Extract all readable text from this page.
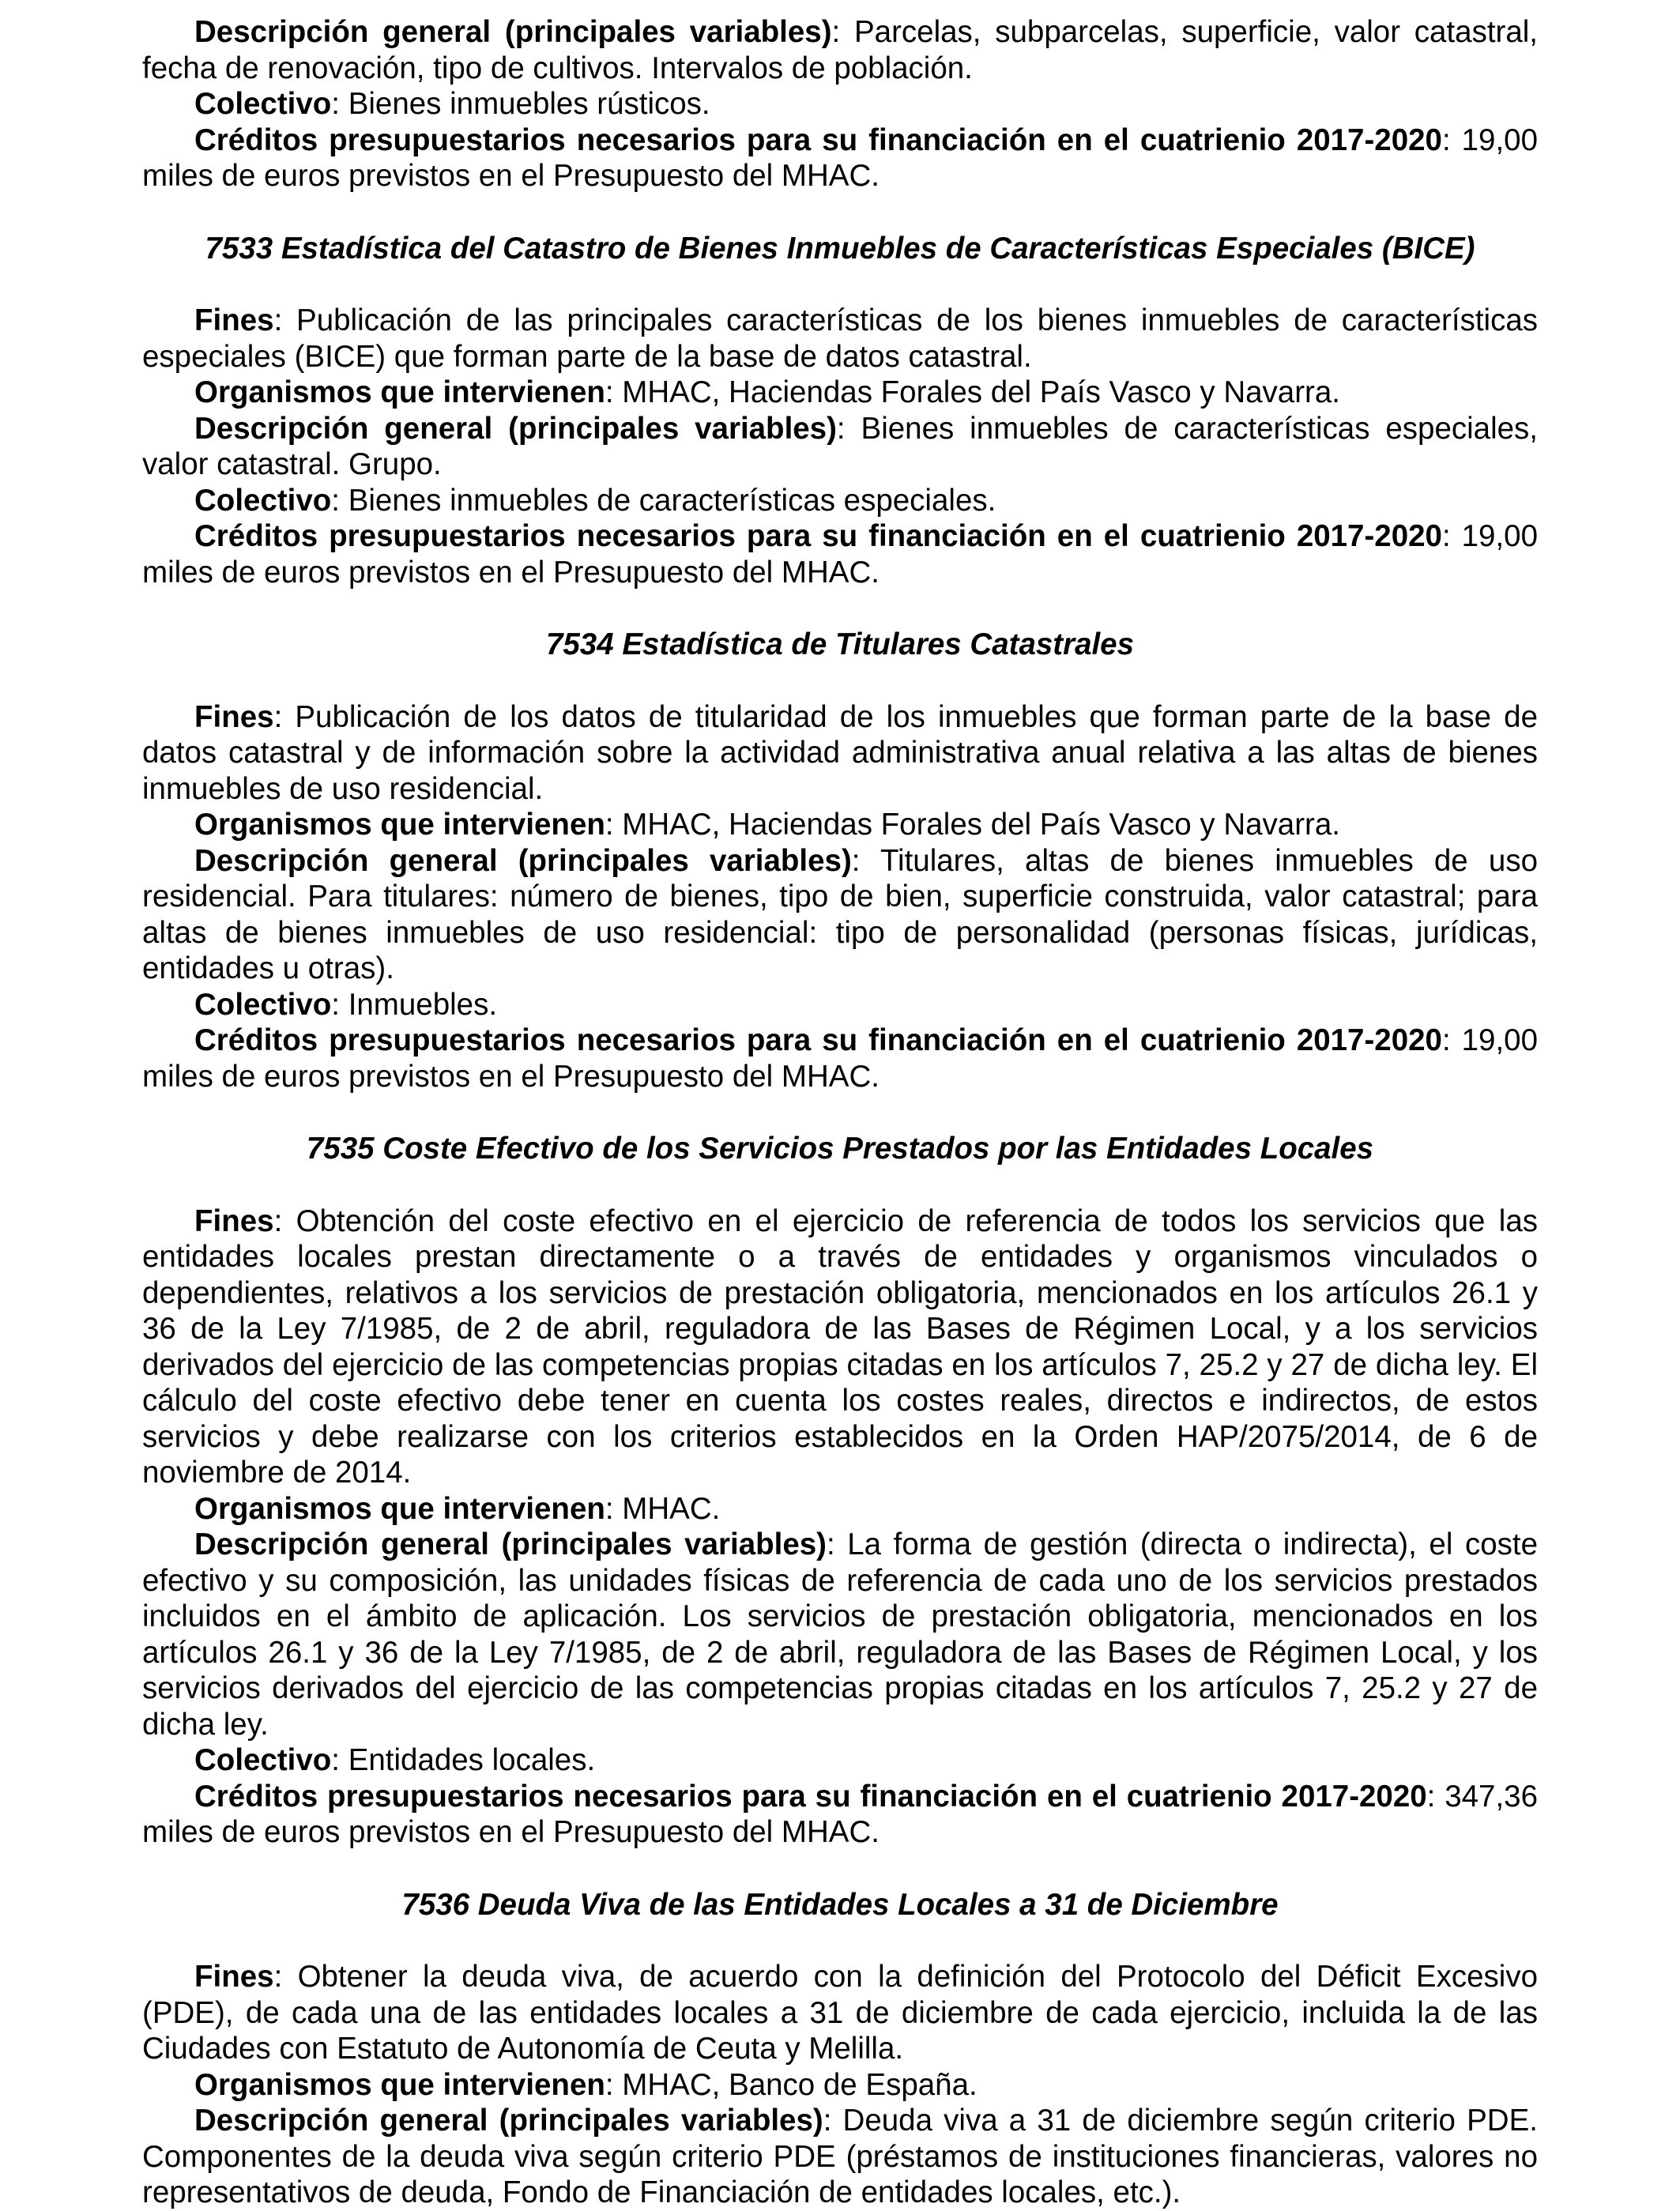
Descripción general (principales variables): Parcelas, subparcelas, superficie, valor catastral, fecha de renovación, tipo de cultivos. Intervalos de población.

Colectivo: Bienes inmuebles rústicos.

Créditos presupuestarios necesarios para su financiación en el cuatrienio 2017-2020: 19,00 miles de euros previstos en el Presupuesto del MHAC.

7533 Estadística del Catastro de Bienes Inmuebles de Características Especiales (BICE)

Fines: Publicación de las principales características de los bienes inmuebles de características especiales (BICE) que forman parte de la base de datos catastral.

Organismos que intervienen: MHAC, Haciendas Forales del País Vasco y Navarra.

Descripción general (principales variables): Bienes inmuebles de características especiales, valor catastral. Grupo.

Colectivo: Bienes inmuebles de características especiales.

Créditos presupuestarios necesarios para su financiación en el cuatrienio 2017-2020: 19,00 miles de euros previstos en el Presupuesto del MHAC.

7534 Estadística de Titulares Catastrales

Fines: Publicación de los datos de titularidad de los inmuebles que forman parte de la base de datos catastral y de información sobre la actividad administrativa anual relativa a las altas de bienes inmuebles de uso residencial.

Organismos que intervienen: MHAC, Haciendas Forales del País Vasco y Navarra.

Descripción general (principales variables): Titulares, altas de bienes inmuebles de uso residencial. Para titulares: número de bienes, tipo de bien, superficie construida, valor catastral; para altas de bienes inmuebles de uso residencial: tipo de personalidad (personas físicas, jurídicas, entidades u otras).

Colectivo: Inmuebles.

Créditos presupuestarios necesarios para su financiación en el cuatrienio 2017-2020: 19,00 miles de euros previstos en el Presupuesto del MHAC.

7535 Coste Efectivo de los Servicios Prestados por las Entidades Locales

Fines: Obtención del coste efectivo en el ejercicio de referencia de todos los servicios que las entidades locales prestan directamente o a través de entidades y organismos vinculados o dependientes, relativos a los servicios de prestación obligatoria, mencionados en los artículos 26.1 y 36 de la Ley 7/1985, de 2 de abril, reguladora de las Bases de Régimen Local, y a los servicios derivados del ejercicio de las competencias propias citadas en los artículos 7, 25.2 y 27 de dicha ley. El cálculo del coste efectivo debe tener en cuenta los costes reales, directos e indirectos, de estos servicios y debe realizarse con los criterios establecidos en la Orden HAP/2075/2014, de 6 de noviembre de 2014.

Organismos que intervienen: MHAC.

Descripción general (principales variables): La forma de gestión (directa o indirecta), el coste efectivo y su composición, las unidades físicas de referencia de cada uno de los servicios prestados incluidos en el ámbito de aplicación. Los servicios de prestación obligatoria, mencionados en los artículos 26.1 y 36 de la Ley 7/1985, de 2 de abril, reguladora de las Bases de Régimen Local, y los servicios derivados del ejercicio de las competencias propias citadas en los artículos 7, 25.2 y 27 de dicha ley.

Colectivo: Entidades locales.

Créditos presupuestarios necesarios para su financiación en el cuatrienio 2017-2020: 347,36 miles de euros previstos en el Presupuesto del MHAC.

7536 Deuda Viva de las Entidades Locales a 31 de Diciembre

Fines: Obtener la deuda viva, de acuerdo con la definición del Protocolo del Déficit Excesivo (PDE), de cada una de las entidades locales a 31 de diciembre de cada ejercicio, incluida la de las Ciudades con Estatuto de Autonomía de Ceuta y Melilla.

Organismos que intervienen: MHAC, Banco de España.

Descripción general (principales variables): Deuda viva a 31 de diciembre según criterio PDE. Componentes de la deuda viva según criterio PDE (préstamos de instituciones financieras, valores no representativos de deuda, Fondo de Financiación de entidades locales, etc.).
